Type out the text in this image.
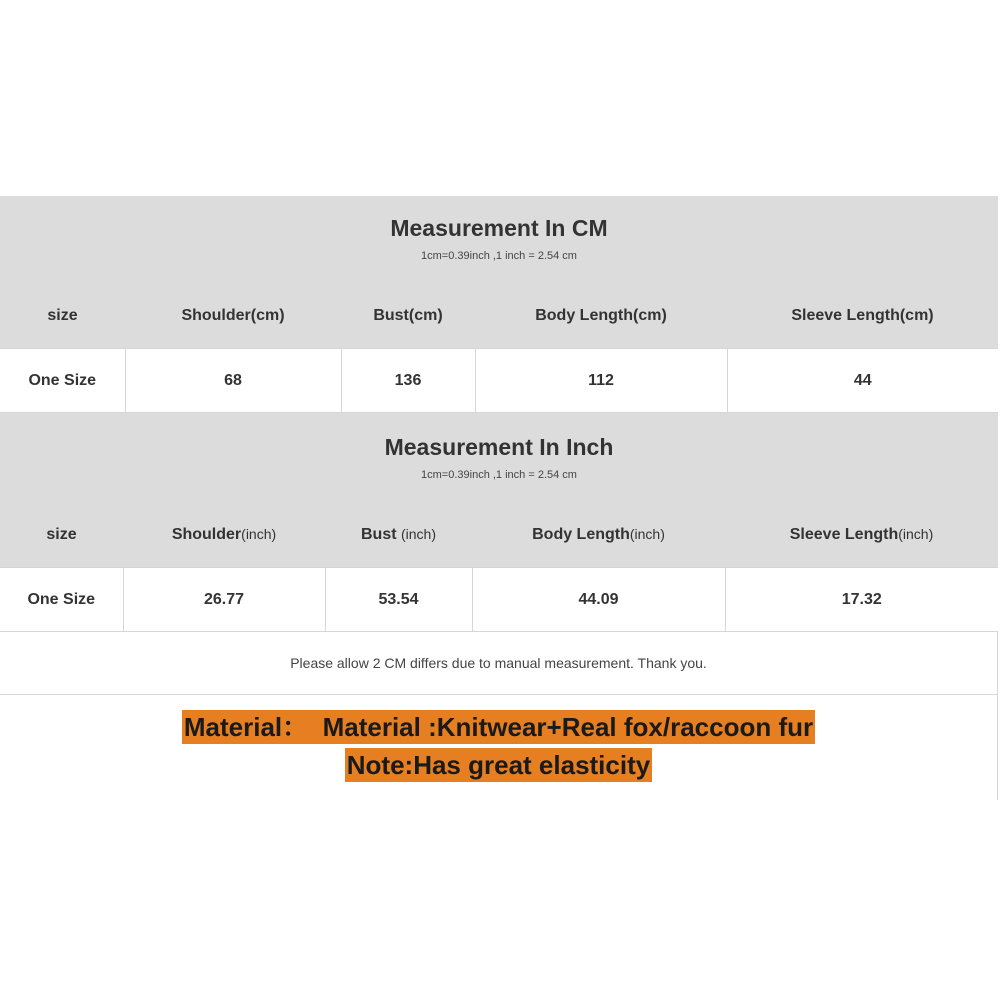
Measurement In CM
1cm=0.39inch ,1 inch = 2.54 cm
size	Shoulder(cm)	Bust(cm)	Body Length(cm)	Sleeve Length(cm)
One Size	68	136	112	44
Measurement In Inch
1cm=0.39inch ,1 inch = 2.54 cm
size	Shoulder(inch)	Bust (inch)	Body Length(inch)	Sleeve Length(inch)
One Size	26.77	53.54	44.09	17.32
Please allow 2 CM differs due to manual measurement. Thank you.
Material：  Material :Knitwear+Real fox/raccoon fur
Note:Has great elasticity
